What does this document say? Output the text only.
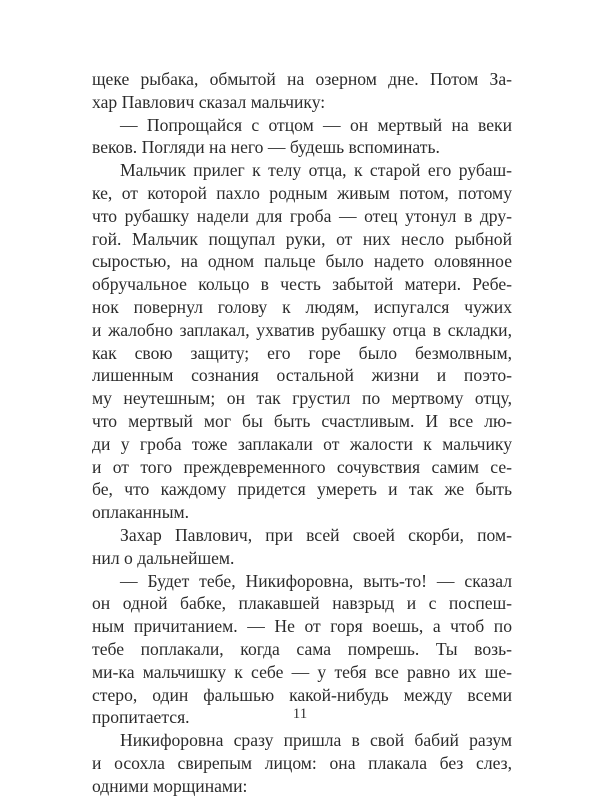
щеке рыбака, обмытой на озерном дне. Потом За-
хар Павлович сказал мальчику:
— Попрощайся с отцом — он мертвый на веки
веков. Погляди на него — будешь вспоминать.
Мальчик прилег к телу отца, к старой его рубаш-
ке, от которой пахло родным живым потом, потому
что рубашку надели для гроба — отец утонул в дру-
гой. Мальчик пощупал руки, от них несло рыбной
сыростью, на одном пальце было надето оловянное
обручальное кольцо в честь забытой матери. Ребе-
нок повернул голову к людям, испугался чужих
и жалобно заплакал, ухватив рубашку отца в складки,
как свою защиту; его горе было безмолвным,
лишенным сознания остальной жизни и поэто-
му неутешным; он так грустил по мертвому отцу,
что мертвый мог бы быть счастливым. И все лю-
ди у гроба тоже заплакали от жалости к мальчику
и от того преждевременного сочувствия самим се-
бе, что каждому придется умереть и так же быть
оплаканным.
Захар Павлович, при всей своей скорби, пом-
нил о дальнейшем.
— Будет тебе, Никифоровна, выть-то! — сказал
он одной бабке, плакавшей навзрыд и с поспеш-
ным причитанием. — Не от горя воешь, а чтоб по
тебе поплакали, когда сама помрешь. Ты возь-
ми-ка мальчишку к себе — у тебя все равно их ше-
стеро, один фальшью какой-нибудь между всеми
пропитается.
Никифоровна сразу пришла в свой бабий разум
и осохла свирепым лицом: она плакала без слез,
одними морщинами:
11
